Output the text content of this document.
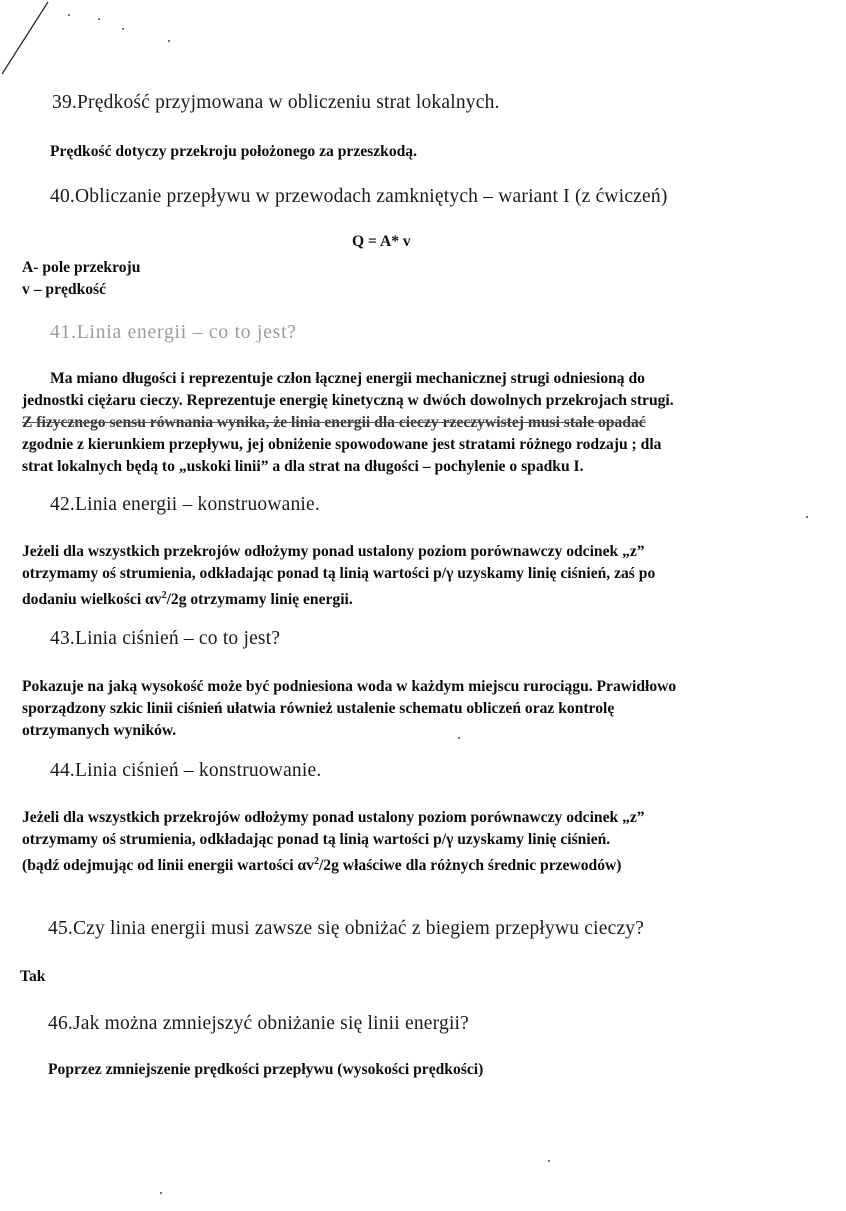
39.Prędkość przyjmowana w obliczeniu strat lokalnych.
Prędkość dotyczy przekroju położonego za przeszkodą.
40.Obliczanie przepływu w przewodach zamkniętych – wariant I (z ćwiczeń)
Q = A* v
A- pole przekroju
v – prędkość
41.Linia energii – co to jest?
Ma miano długości i reprezentuje człon łącznej energii mechanicznej strugi odniesioną do
jednostki ciężaru cieczy. Reprezentuje energię kinetyczną w dwóch dowolnych przekrojach strugi.
Z fizycznego sensu równania wynika, że linia energii dla cieczy rzeczywistej musi stale opadać
zgodnie z kierunkiem przepływu, jej obniżenie spowodowane jest stratami różnego rodzaju ; dla
strat lokalnych będą to „uskoki linii” a dla strat na długości – pochylenie o spadku I.
42.Linia energii – konstruowanie.
Jeżeli dla wszystkich przekrojów odłożymy ponad ustalony poziom porównawczy odcinek „z”
otrzymamy oś strumienia, odkładając ponad tą linią wartości p/γ uzyskamy linię ciśnień, zaś po
dodaniu wielkości $\alpha v^2/2g$ otrzymamy linię energii.
43.Linia ciśnień – co to jest?
Pokazuje na jaką wysokość może być podniesiona woda w każdym miejscu rurociągu. Prawidłowo
sporządzony szkic linii ciśnień ułatwia również ustalenie schematu obliczeń oraz kontrolę
otrzymanych wyników.
44.Linia ciśnień – konstruowanie.
Jeżeli dla wszystkich przekrojów odłożymy ponad ustalony poziom porównawczy odcinek „z”
otrzymamy oś strumienia, odkładając ponad tą linią wartości p/γ uzyskamy linię ciśnień.
(bądź odejmując od linii energii wartości $\alpha v^2/2g$ właściwe dla różnych średnic przewodów)
45.Czy linia energii musi zawsze się obniżać z biegiem przepływu cieczy?
Tak
46.Jak można zmniejszyć obniżanie się linii energii?
Poprzez zmniejszenie prędkości przepływu (wysokości prędkości)
